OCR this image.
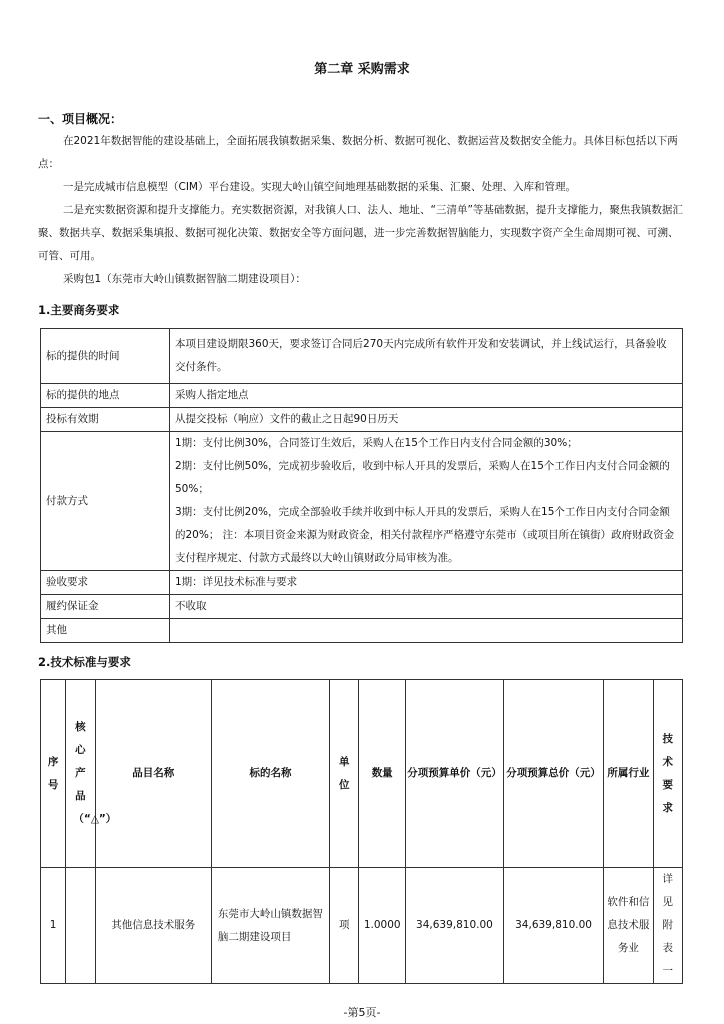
第二章 采购需求
一、项目概况：
在2021年数据智能的建设基础上，全面拓展我镇数据采集、数据分析、数据可视化、数据运营及数据安全能力。具体目标包括以下两点：
一是完成城市信息模型（CIM）平台建设。实现大岭山镇空间地理基础数据的采集、汇聚、处理、入库和管理。
二是充实数据资源和提升支撑能力。充实数据资源，对我镇人口、法人、地址、“三清单”等基础数据，提升支撑能力，聚焦我镇数据汇聚、数据共享、数据采集填报、数据可视化决策、数据安全等方面问题，进一步完善数据智脑能力，实现数字资产全生命周期可视、可溯、可管、可用。
采购包1（东莞市大岭山镇数据智脑二期建设项目）：
1.主要商务要求
标的提供的时间	本项目建设期限360天，要求签订合同后270天内完成所有软件开发和安装调试，并上线试运行，具备验收交付条件。
标的提供的地点	采购人指定地点
投标有效期	从提交投标（响应）文件的截止之日起90日历天
付款方式	1期：支付比例30%，合同签订生效后，采购人在15个工作日内支付合同金额的30%；
2期：支付比例50%，完成初步验收后，收到中标人开具的发票后，采购人在15个工作日内支付合同金额的50%；
3期：支付比例20%，完成全部验收手续并收到中标人开具的发票后，采购人在15个工作日内支付合同金额的20%； 注：本项目资金来源为财政资金，相关付款程序严格遵守东莞市（或项目所在镇街）政府财政资金支付程序规定、付款方式最终以大岭山镇财政分局审核为准。

验收要求	1期：详见技术标准与要求
履约保证金	不收取
其他	
2.技术标准与要求
序号	核心产品（“△”）	品目名称	标的名称	单位	数量	分项预算单价（元）	分项预算总价（元）	所属行业	技术要求

1		其他信息技术服务	东莞市大岭山镇数据智脑二期建设项目	项	1.0000	34,639,810.00	34,639,810.00	软件和信息技术服务业	详见附表一
-第5页-
